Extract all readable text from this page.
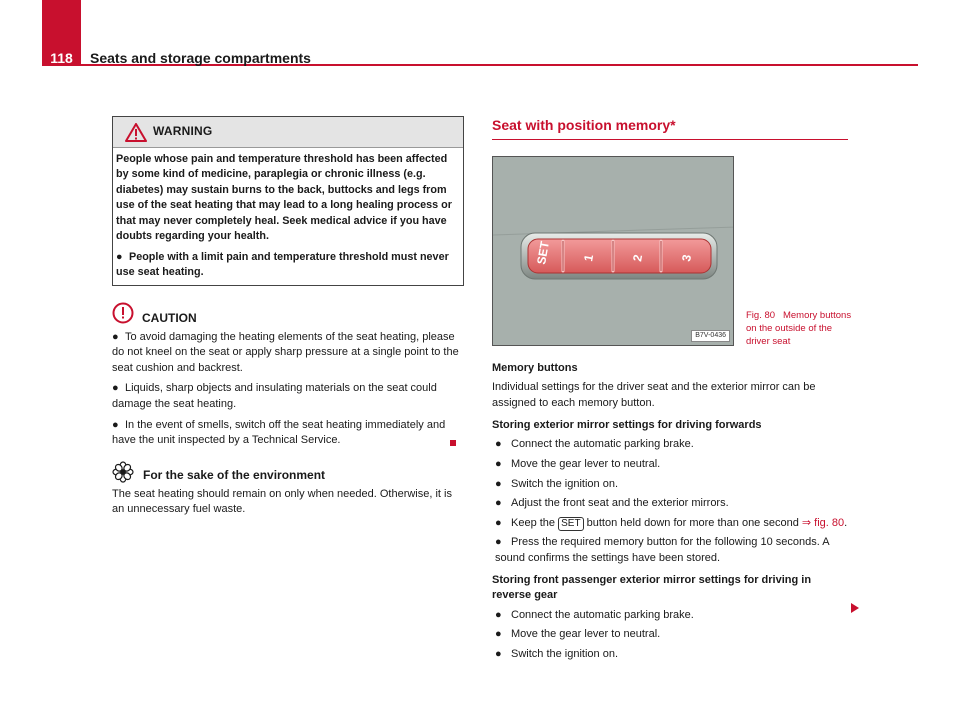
118	Seats and storage compartments
WARNING

People whose pain and temperature threshold has been affected by some kind of medicine, paraplegia or chronic illness (e.g. diabetes) may sustain burns to the back, buttocks and legs from use of the seat heating that may lead to a long healing process or that may never completely heal. Seek medical advice if you have doubts regarding your health.

● People with a limit pain and temperature threshold must never use seat heating.

CAUTION
● To avoid damaging the heating elements of the seat heating, please do not kneel on the seat or apply sharp pressure at a single point to the seat cushion and backrest.
● Liquids, sharp objects and insulating materials on the seat could damage the seat heating.
● In the event of smells, switch off the seat heating immediately and have the unit inspected by a Technical Service.
For the sake of the environment
The seat heating should remain on only when needed. Otherwise, it is an unnecessary fuel waste.
Seat with position memory*
SET 1	2	3
B7V-0436
Fig. 80 Memory buttons on the outside of the driver seat
Memory buttons
Individual settings for the driver seat and the exterior mirror can be assigned to each memory button.
Storing exterior mirror settings for driving forwards
● Connect the automatic parking brake.
● Move the gear lever to neutral.
● Switch the ignition on.
● Adjust the front seat and the exterior mirrors.
● Keep the SET button held down for more than one second ⇒ fig. 80.
● Press the required memory button for the following 10 seconds. A sound confirms the settings have been stored.
Storing front passenger exterior mirror settings for driving in reverse gear
● Connect the automatic parking brake.
● Move the gear lever to neutral.
● Switch the ignition on.
